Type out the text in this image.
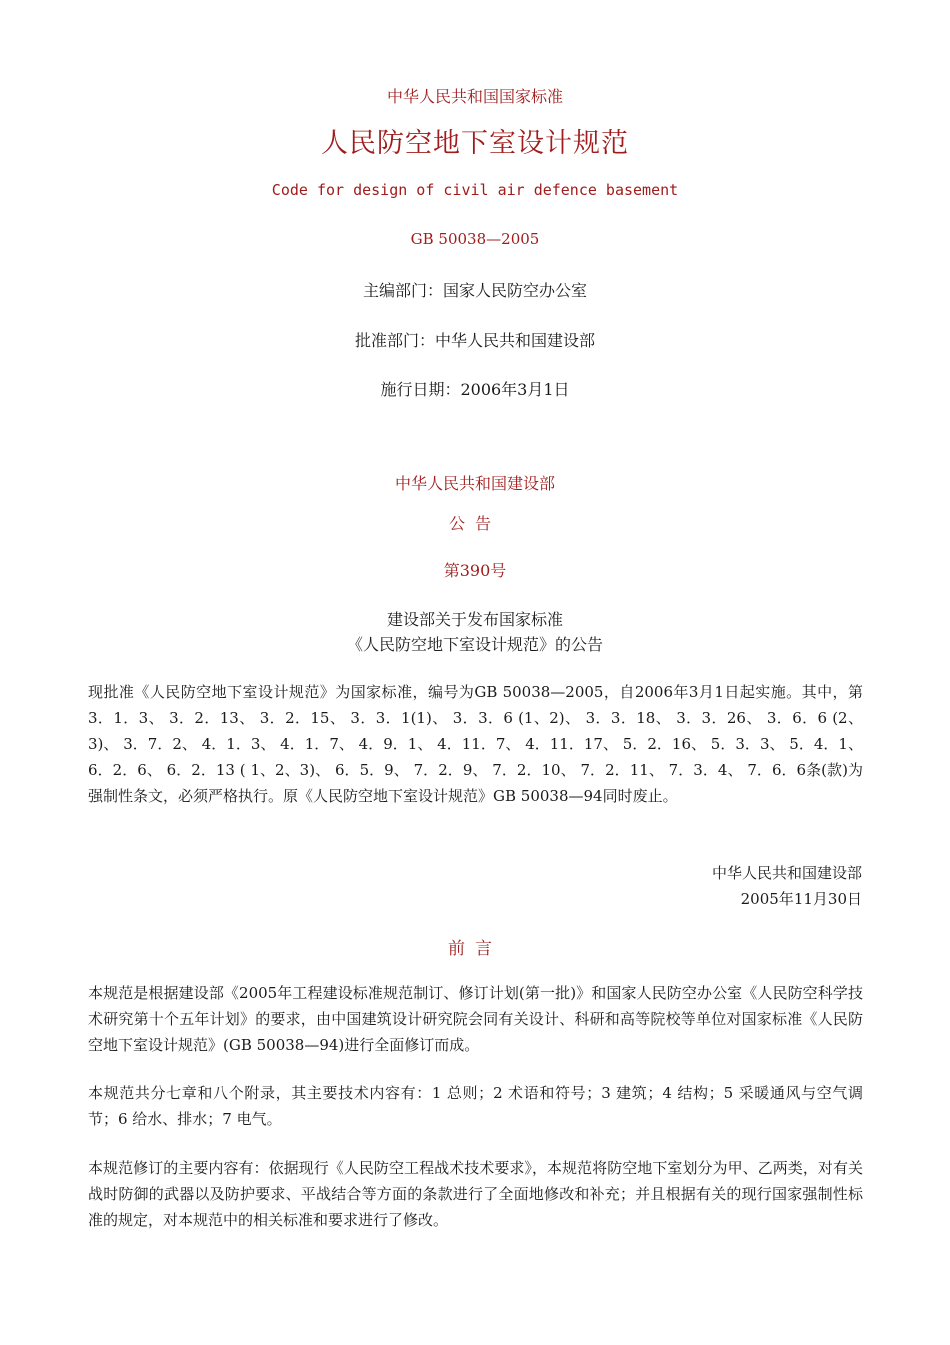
中华人民共和国国家标准
人民防空地下室设计规范
Code for design of civil air defence basement
GB 50038—2005
主编部门：国家人民防空办公室
批准部门：中华人民共和国建设部
施行日期：2006年3月1日
中华人民共和国建设部
公告
第390号
建设部关于发布国家标准
《人民防空地下室设计规范》的公告

现批准《人民防空地下室设计规范》为国家标准，编号为GB 50038—2005，自2006年3月1日起实施。其中，第3．1．3、 3．2．13、 3．2．15、 3．3．1(1)、 3．3．6 (1、2)、 3．3．18、 3．3．26、 3．6．6 (2、3)、 3．7．2、 4．1．3、 4．1．7、 4．9．1、 4．11．7、 4．11．17、 5．2．16、 5．3．3、 5．4．1、 6．2．6、 6．2．13 ( 1、2、3)、 6．5．9、 7．2．9、 7．2．10、 7．2．11、 7．3．4、 7．6．6条(款)为强制性条文，必须严格执行。原《人民防空地下室设计规范》GB 50038—94同时废止。

中华人民共和国建设部
2005年11月30日
前言

本规范是根据建设部《2005年工程建设标准规范制订、修订计划(第一批)》和国家人民防空办公室《人民防空科学技术研究第十个五年计划》的要求，由中国建筑设计研究院会同有关设计、科研和高等院校等单位对国家标准《人民防空地下室设计规范》(GB 50038—94)进行全面修订而成。

本规范共分七章和八个附录，其主要技术内容有：1 总则；2 术语和符号；3 建筑；4 结构；5 采暖通风与空气调节；6 给水、排水；7 电气。

本规范修订的主要内容有：依据现行《人民防空工程战术技术要求》，本规范将防空地下室划分为甲、乙两类，对有关战时防御的武器以及防护要求、平战结合等方面的条款进行了全面地修改和补充；并且根据有关的现行国家强制性标准的规定，对本规范中的相关标准和要求进行了修改。
